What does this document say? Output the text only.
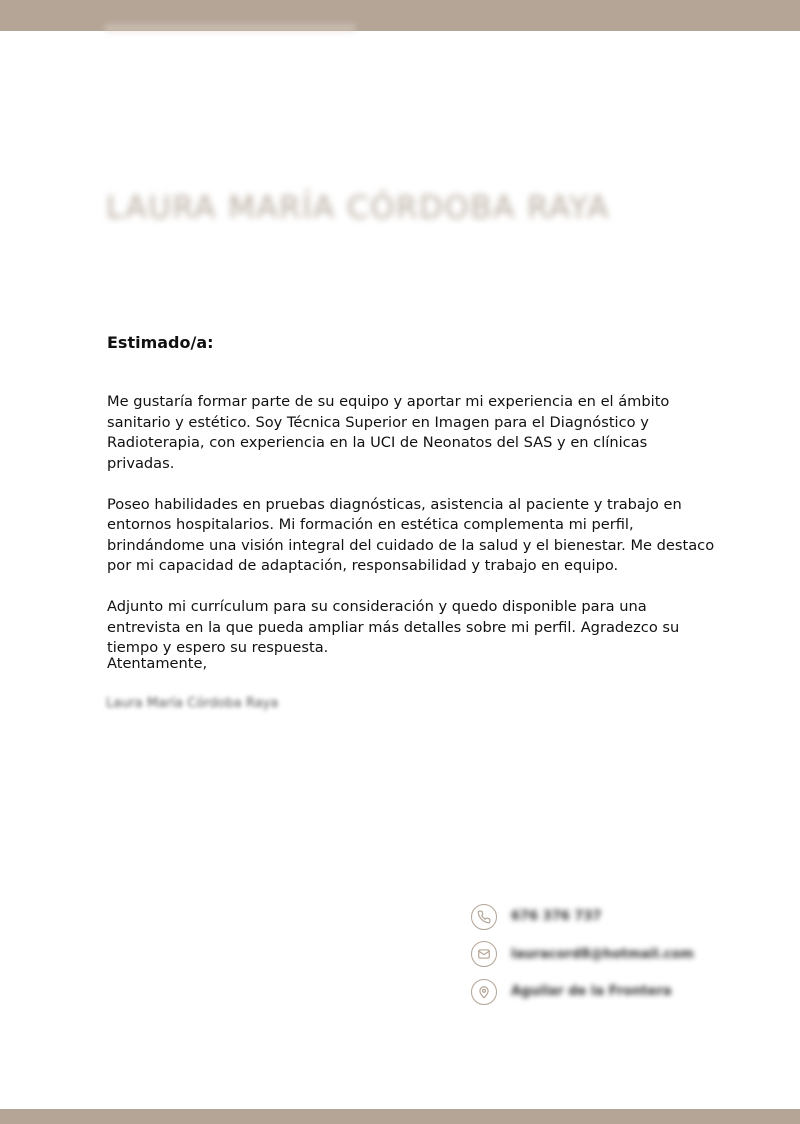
LAURA MARÍA CÓRDOBA RAYA

Estimado/a:

Me gustaría formar parte de su equipo y aportar mi experiencia en el ámbito sanitario y estético. Soy Técnica Superior en Imagen para el Diagnóstico y Radioterapia, con experiencia en la UCI de Neonatos del SAS y en clínicas privadas.

Poseo habilidades en pruebas diagnósticas, asistencia al paciente y trabajo en entornos hospitalarios. Mi formación en estética complementa mi perfil, brindándome una visión integral del cuidado de la salud y el bienestar. Me destaco por mi capacidad de adaptación, responsabilidad y trabajo en equipo.

Adjunto mi currículum para su consideración y quedo disponible para una entrevista en la que pueda ampliar más detalles sobre mi perfil. Agradezco su tiempo y espero su respuesta.

Atentamente,

Laura María Córdoba Raya

676 376 737
lauracord8@hotmail.com
Aguilar de la Frontera
